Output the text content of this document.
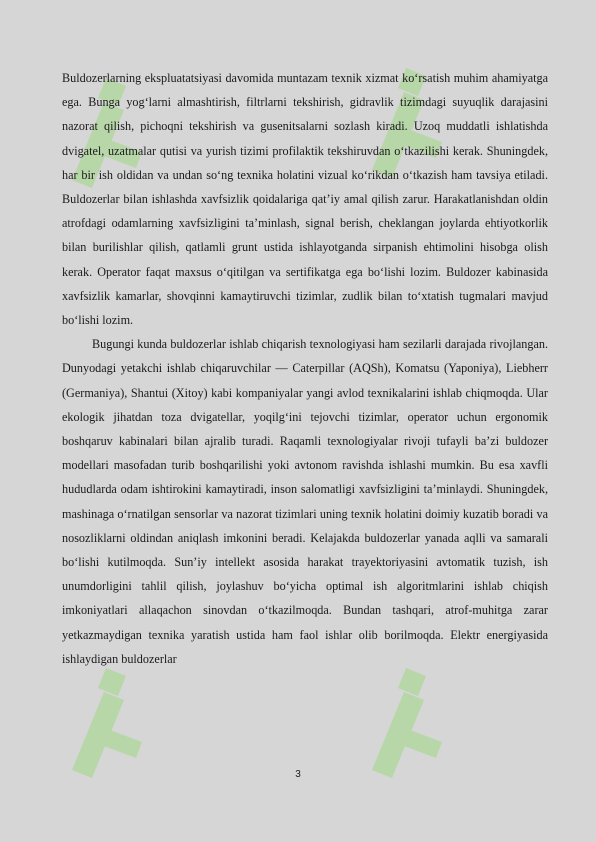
Buldozerlarning ekspluatatsiyasi davomida muntazam texnik xizmat ko‘rsatish muhim ahamiyatga ega. Bunga yog‘larni almashtirish, filtrlarni tekshirish, gidravlik tizimdagi suyuqlik darajasini nazorat qilish, pichoqni tekshirish va gusenitsalarni sozlash kiradi. Uzoq muddatli ishlatishda dvigatel, uzatmalar qutisi va yurish tizimi profilaktik tekshiruvdan o‘tkazilishi kerak. Shuningdek, har bir ish oldidan va undan so‘ng texnika holatini vizual ko‘rikdan o‘tkazish ham tavsiya etiladi. Buldozerlar bilan ishlashda xavfsizlik qoidalariga qat’iy amal qilish zarur. Harakatlanishdan oldin atrofdagi odamlarning xavfsizligini ta’minlash, signal berish, cheklangan joylarda ehtiyotkorlik bilan burilishlar qilish, qatlamli grunt ustida ishlayotganda sirpanish ehtimolini hisobga olish kerak. Operator faqat maxsus o‘qitilgan va sertifikatga ega bo‘lishi lozim. Buldozer kabinasida xavfsizlik kamarlar, shovqinni kamaytiruvchi tizimlar, zudlik bilan to‘xtatish tugmalari mavjud bo‘lishi lozim.

Bugungi kunda buldozerlar ishlab chiqarish texnologiyasi ham sezilarli darajada rivojlangan. Dunyodagi yetakchi ishlab chiqaruvchilar — Caterpillar (AQSh), Komatsu (Yaponiya), Liebherr (Germaniya), Shantui (Xitoy) kabi kompaniyalar yangi avlod texnikalarini ishlab chiqmoqda. Ular ekologik jihatdan toza dvigatellar, yoqilg‘ini tejovchi tizimlar, operator uchun ergonomik boshqaruv kabinalari bilan ajralib turadi. Raqamli texnologiyalar rivoji tufayli ba’zi buldozer modellari masofadan turib boshqarilishi yoki avtonom ravishda ishlashi mumkin. Bu esa xavfli hududlarda odam ishtirokini kamaytiradi, inson salomatligi xavfsizligini ta’minlaydi. Shuningdek, mashinaga o‘rnatilgan sensorlar va nazorat tizimlari uning texnik holatini doimiy kuzatib boradi va nosozliklarni oldindan aniqlash imkonini beradi. Kelajakda buldozerlar yanada aqlli va samarali bo‘lishi kutilmoqda. Sun’iy intellekt asosida harakat trayektoriyasini avtomatik tuzish, ish unumdorligini tahlil qilish, joylashuv bo‘yicha optimal ish algoritmlarini ishlab chiqish imkoniyatlari allaqachon sinovdan o‘tkazilmoqda. Bundan tashqari, atrof-muhitga zarar yetkazmaydigan texnika yaratish ustida ham faol ishlar olib borilmoqda. Elektr energiyasida ishlaydigan buldozerlar

3
